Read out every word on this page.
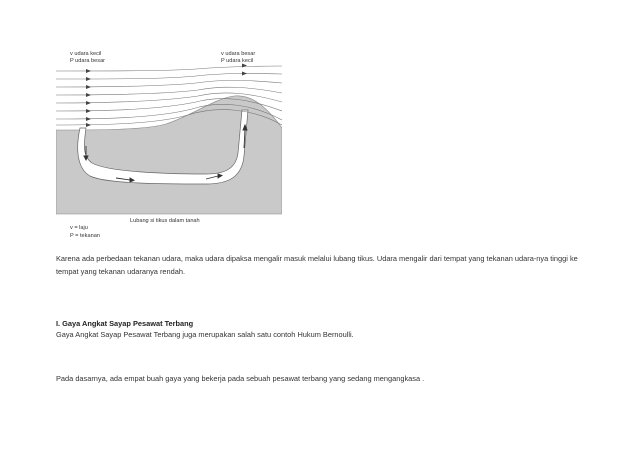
v udara kecil
P udara besar
v udara besar
P udara kecil
Lubang si tikus dalam tanah
v = laju
P = tekanan

Karena ada perbedaan tekanan udara, maka udara dipaksa mengalir masuk melalui lubang tikus. Udara mengalir dari tempat yang tekanan udara-nya tinggi ke tempat yang tekanan udaranya rendah.

I. Gaya Angkat Sayap Pesawat Terbang

Gaya Angkat Sayap Pesawat Terbang juga merupakan salah satu contoh Hukum Bernoulli.

Pada dasarnya, ada empat buah gaya yang bekerja pada sebuah pesawat terbang yang sedang mengangkasa .
